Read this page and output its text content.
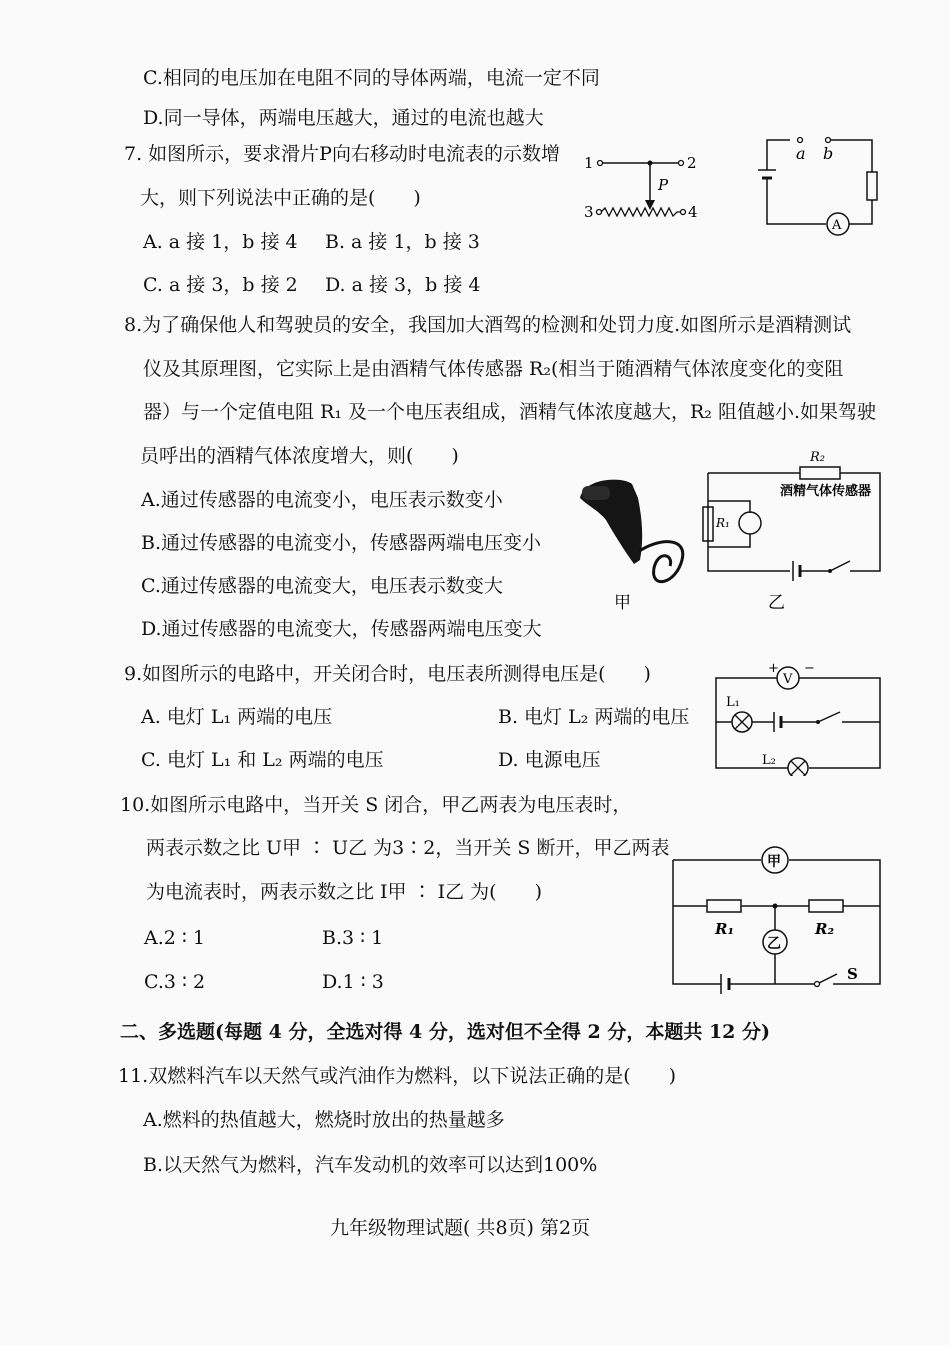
C.相同的电压加在电阻不同的导体两端，电流一定不同
D.同一导体，两端电压越大，通过的电流也越大
7. 如图所示，要求滑片P向右移动时电流表的示数增
大，则下列说法中正确的是(　　)
A. a 接 1，b 接 4 B. a 接 1，b 接 3
C. a 接 3，b 接 2 D. a 接 3，b 接 4
1	2
P
3	4
A
a b
8.为了确保他人和驾驶员的安全，我国加大酒驾的检测和处罚力度.如图所示是酒精测试
仪及其原理图，它实际上是由酒精气体传感器 R₂(相当于随酒精气体浓度变化的变阻
器）与一个定值电阻 R₁ 及一个电压表组成，酒精气体浓度越大，R₂ 阻值越小.如果驾驶
员呼出的酒精气体浓度增大，则(　　)
A.通过传感器的电流变小，电压表示数变小
B.通过传感器的电流变小，传感器两端电压变小
C.通过传感器的电流变大，电压表示数变大
D.通过传感器的电流变大，传感器两端电压变大
甲
R₂
酒精气体传感器
R₁
乙
9.如图所示的电路中，开关闭合时，电压表所测得电压是(　　)
A. 电灯 L₁ 两端的电压	B. 电灯 L₂ 两端的电压
C. 电灯 L₁ 和 L₂ 两端的电压	D. 电源电压
+ −
V
L₁
L₂
10.如图所示电路中，当开关 S 闭合，甲乙两表为电压表时，
两表示数之比 U甲 ∶ U乙 为3∶2，当开关 S 断开，甲乙两表
为电流表时，两表示数之比 I甲 ∶ I乙 为(　　)
A.2 ∶ 1	B.3 ∶ 1
C.3 ∶ 2	D.1 ∶ 3
甲
R₁	R₂
乙
S
二、多选题(每题 4 分，全选对得 4 分，选对但不全得 2 分，本题共 12 分)
11.双燃料汽车以天然气或汽油作为燃料，以下说法正确的是(　　)
A.燃料的热值越大，燃烧时放出的热量越多
B.以天然气为燃料，汽车发动机的效率可以达到100%
九年级物理试题( 共8页) 第2页
